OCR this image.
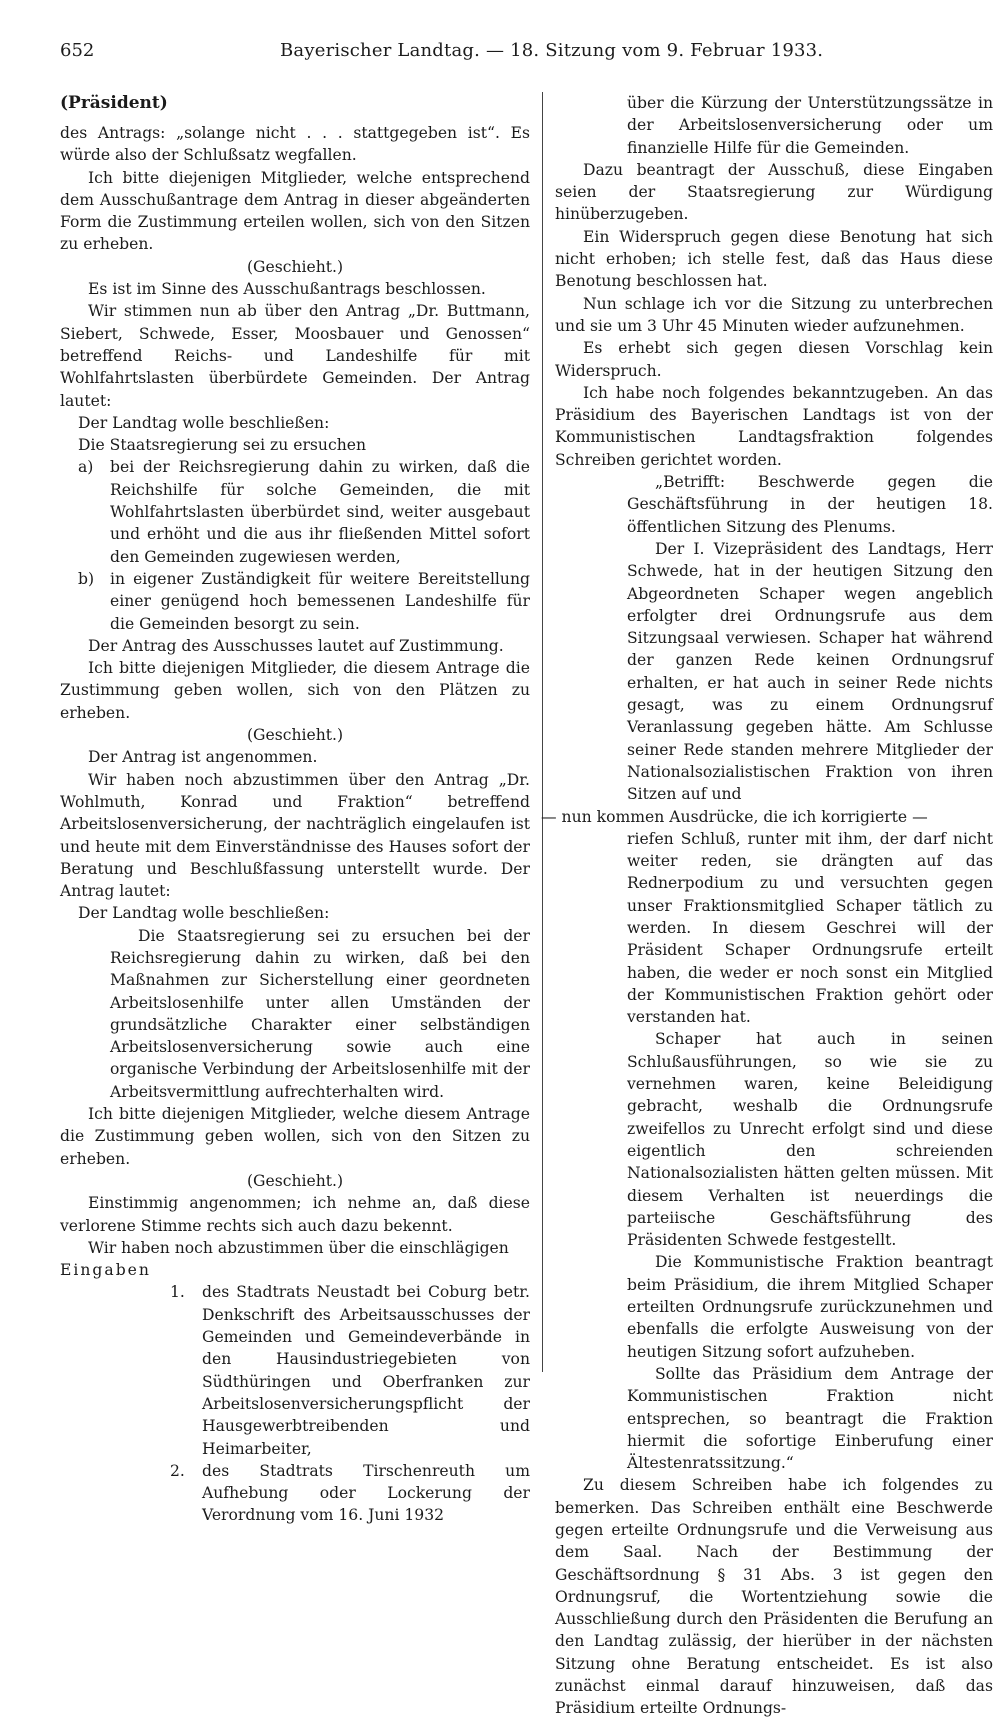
652	Bayerischer Landtag. — 18. Sitzung vom 9. Februar 1933.

(Präsident)

des Antrags: „solange nicht . . . stattgegeben ist“. Es würde also der Schlußsatz wegfallen.

Ich bitte diejenigen Mitglieder, welche entsprechend dem Ausschußantrage dem Antrag in dieser abgeänderten Form die Zustimmung erteilen wollen, sich von den Sitzen zu erheben.

(Geschieht.)

Es ist im Sinne des Ausschußantrags beschlossen.

Wir stimmen nun ab über den Antrag „Dr. Buttmann, Siebert, Schwede, Esser, Moosbauer und Genossen“ betreffend Reichs- und Landeshilfe für mit Wohlfahrtslasten überbürdete Gemeinden. Der Antrag lautet:

Der Landtag wolle beschließen:

Die Staatsregierung sei zu ersuchen

a)	bei der Reichsregierung dahin zu wirken, daß die Reichshilfe für solche Gemeinden, die mit Wohlfahrtslasten überbürdet sind, weiter ausgebaut und erhöht und die aus ihr fließenden Mittel sofort den Gemeinden zugewiesen werden,
b)	in eigener Zuständigkeit für weitere Bereitstellung einer genügend hoch bemessenen Landeshilfe für die Gemeinden besorgt zu sein.

Der Antrag des Ausschusses lautet auf Zustimmung.

Ich bitte diejenigen Mitglieder, die diesem Antrage die Zustimmung geben wollen, sich von den Plätzen zu erheben.

(Geschieht.)

Der Antrag ist angenommen.

Wir haben noch abzustimmen über den Antrag „Dr. Wohlmuth, Konrad und Fraktion“ betreffend Arbeitslosenversicherung, der nachträglich eingelaufen ist und heute mit dem Einverständnisse des Hauses sofort der Beratung und Beschlußfassung unterstellt wurde. Der Antrag lautet:

Der Landtag wolle beschließen:

Die Staatsregierung sei zu ersuchen bei der Reichsregierung dahin zu wirken, daß bei den Maßnahmen zur Sicherstellung einer geordneten Arbeitslosenhilfe unter allen Umständen der grundsätzliche Charakter einer selbständigen Arbeitslosenversicherung sowie auch eine organische Verbindung der Arbeitslosenhilfe mit der Arbeitsvermittlung aufrechterhalten wird.

Ich bitte diejenigen Mitglieder, welche diesem Antrage die Zustimmung geben wollen, sich von den Sitzen zu erheben.

(Geschieht.)

Einstimmig angenommen; ich nehme an, daß diese verlorene Stimme rechts sich auch dazu bekennt.

Wir haben noch abzustimmen über die einschlägigen

Eingaben

1.	des Stadtrats Neustadt bei Coburg betr. Denkschrift des Arbeitsausschusses der Gemeinden und Gemeindeverbände in den Hausindustriegebieten von Südthüringen und Oberfranken zur Arbeitslosenversicherungspflicht der Hausgewerbtreibenden und Heimarbeiter,
2.	des Stadtrats Tirschenreuth um Aufhebung oder Lockerung der Verordnung vom 16. Juni 1932

über die Kürzung der Unterstützungssätze in der Arbeitslosenversicherung oder um finanzielle Hilfe für die Gemeinden.

Dazu beantragt der Ausschuß, diese Eingaben seien der Staatsregierung zur Würdigung hinüberzugeben.

Ein Widerspruch gegen diese Benotung hat sich nicht erhoben; ich stelle fest, daß das Haus diese Benotung beschlossen hat.

Nun schlage ich vor die Sitzung zu unterbrechen und sie um 3 Uhr 45 Minuten wieder aufzunehmen.

Es erhebt sich gegen diesen Vorschlag kein Widerspruch.

Ich habe noch folgendes bekanntzugeben. An das Präsidium des Bayerischen Landtags ist von der Kommunistischen Landtagsfraktion folgendes Schreiben gerichtet worden.

„Betrifft: Beschwerde gegen die Geschäftsführung in der heutigen 18. öffentlichen Sitzung des Plenums.

Der I. Vizepräsident des Landtags, Herr Schwede, hat in der heutigen Sitzung den Abgeordneten Schaper wegen angeblich erfolgter drei Ordnungsrufe aus dem Sitzungsaal verwiesen. Schaper hat während der ganzen Rede keinen Ordnungsruf erhalten, er hat auch in seiner Rede nichts gesagt, was zu einem Ordnungsruf Veranlassung gegeben hätte. Am Schlusse seiner Rede standen mehrere Mitglieder der Nationalsozialistischen Fraktion von ihren Sitzen auf und

— nun kommen Ausdrücke, die ich korrigierte —

riefen Schluß, runter mit ihm, der darf nicht weiter reden, sie drängten auf das Rednerpodium zu und versuchten gegen unser Fraktionsmitglied Schaper tätlich zu werden. In diesem Geschrei will der Präsident Schaper Ordnungsrufe erteilt haben, die weder er noch sonst ein Mitglied der Kommunistischen Fraktion gehört oder verstanden hat.

Schaper hat auch in seinen Schlußausführungen, so wie sie zu vernehmen waren, keine Beleidigung gebracht, weshalb die Ordnungsrufe zweifellos zu Unrecht erfolgt sind und diese eigentlich den schreienden Nationalsozialisten hätten gelten müssen. Mit diesem Verhalten ist neuerdings die parteiische Geschäftsführung des Präsidenten Schwede festgestellt.

Die Kommunistische Fraktion beantragt beim Präsidium, die ihrem Mitglied Schaper erteilten Ordnungsrufe zurückzunehmen und ebenfalls die erfolgte Ausweisung von der heutigen Sitzung sofort aufzuheben.

Sollte das Präsidium dem Antrage der Kommunistischen Fraktion nicht entsprechen, so beantragt die Fraktion hiermit die sofortige Einberufung einer Ältestenratssitzung.“

Zu diesem Schreiben habe ich folgendes zu bemerken. Das Schreiben enthält eine Beschwerde gegen erteilte Ordnungsrufe und die Verweisung aus dem Saal. Nach der Bestimmung der Geschäftsordnung § 31 Abs. 3 ist gegen den Ordnungsruf, die Wortentziehung sowie die Ausschließung durch den Präsidenten die Berufung an den Landtag zulässig, der hierüber in der nächsten Sitzung ohne Beratung entscheidet. Es ist also zunächst einmal darauf hinzuweisen, daß das Präsidium erteilte Ordnungs-
